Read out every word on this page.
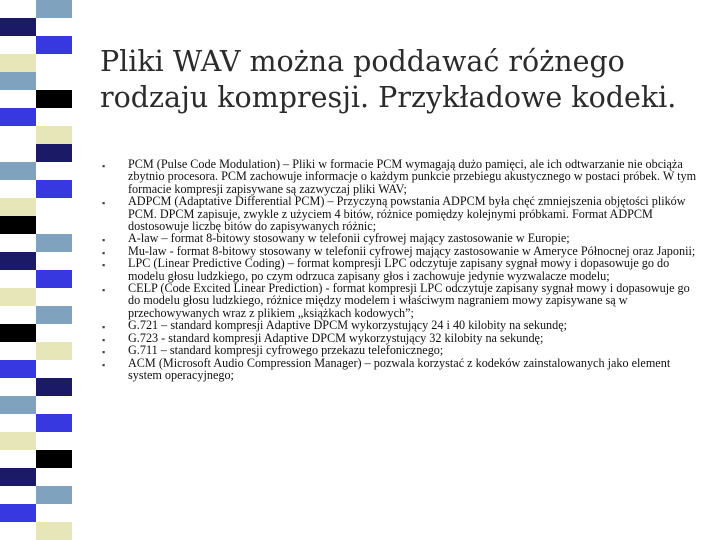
Pliki WAV można poddawać różnego rodzaju kompresji. Przykładowe kodeki.
▪ PCM (Pulse Code Modulation) – Pliki w formacie PCM wymagają dużo pamięci, ale ich odtwarzanie nie obciąża zbytnio procesora. PCM zachowuje informacje o każdym punkcie przebiegu akustycznego w postaci próbek. W tym formacie kompresji zapisywane są zazwyczaj pliki WAV;
▪ ADPCM (Adaptative Differential PCM) – Przyczyną powstania ADPCM była chęć zmniejszenia objętości plików PCM. DPCM zapisuje, zwykle z użyciem 4 bitów, różnice pomiędzy kolejnymi próbkami. Format ADPCM dostosowuje liczbę bitów do zapisywanych różnic;
▪ A-law – format 8-bitowy stosowany w telefonii cyfrowej mający zastosowanie w Europie;
▪ Mu-law - format 8-bitowy stosowany w telefonii cyfrowej mający zastosowanie w Ameryce Północnej oraz Japonii;
▪ LPC (Linear Predictive Coding) – format kompresji LPC odczytuje zapisany sygnał mowy i dopasowuje go do modelu głosu ludzkiego, po czym odrzuca zapisany głos i zachowuje jedynie wyzwalacze modelu;
▪ CELP (Code Excited Linear Prediction) - format kompresji LPC odczytuje zapisany sygnał mowy i dopasowuje go do modelu głosu ludzkiego, różnice między modelem i właściwym nagraniem mowy zapisywane są w przechowywanych wraz z plikiem „książkach kodowych”;
▪ G.721 – standard kompresji Adaptive DPCM wykorzystujący 24 i 40 kilobity na sekundę;
▪ G.723 - standard kompresji Adaptive DPCM wykorzystujący 32 kilobity na sekundę;
▪ G.711 – standard kompresji cyfrowego przekazu telefonicznego;
▪ ACM (Microsoft Audio Compression Manager) – pozwala korzystać z kodeków zainstalowanych jako element system operacyjnego;
